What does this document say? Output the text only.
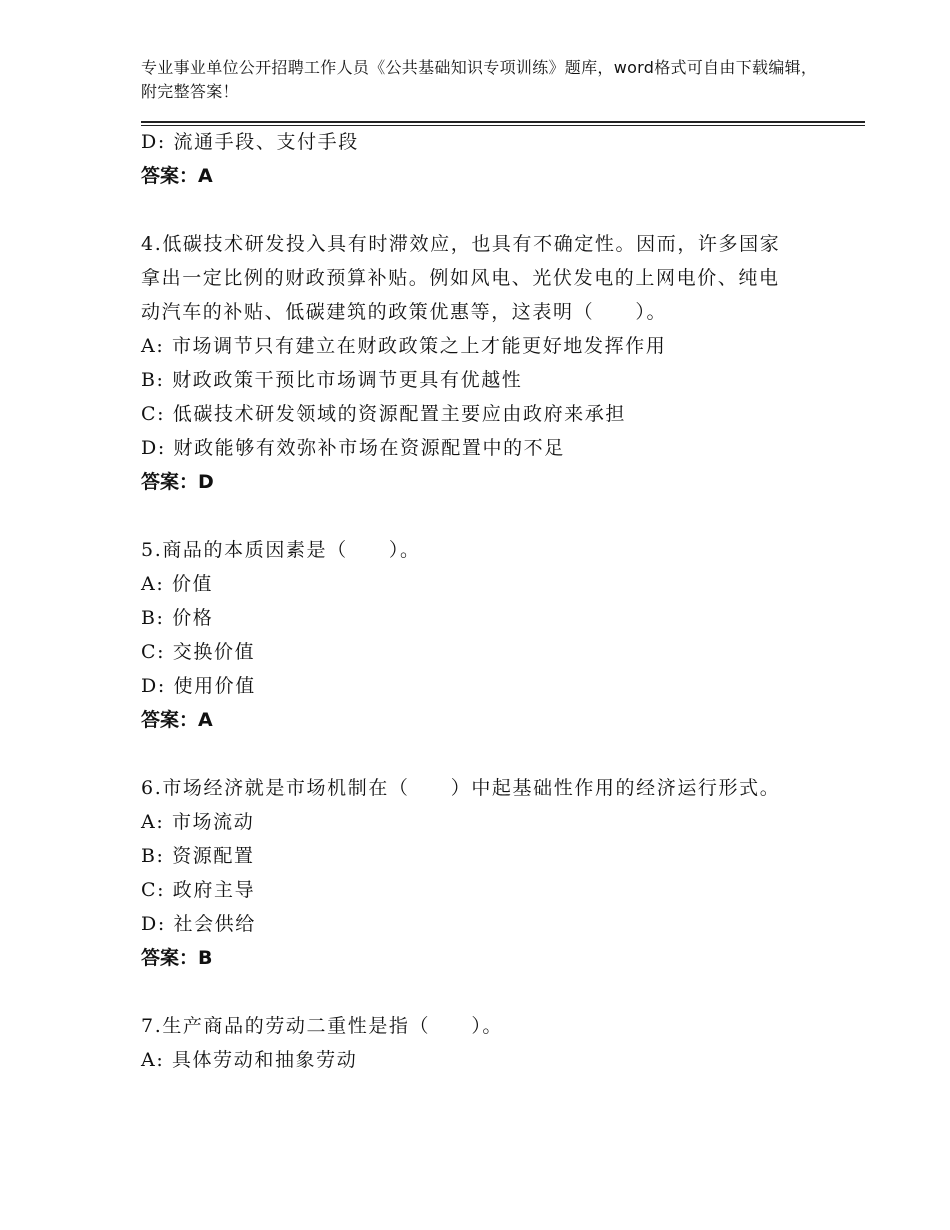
专业事业单位公开招聘工作人员《公共基础知识专项训练》题库，word格式可自由下载编辑，附完整答案！
D: 流通手段、支付手段
答案：A
4.低碳技术研发投入具有时滞效应，也具有不确定性。因而，许多国家拿出一定比例的财政预算补贴。例如风电、光伏发电的上网电价、纯电动汽车的补贴、低碳建筑的政策优惠等，这表明（　　）。
A: 市场调节只有建立在财政政策之上才能更好地发挥作用
B: 财政政策干预比市场调节更具有优越性
C: 低碳技术研发领域的资源配置主要应由政府来承担
D: 财政能够有效弥补市场在资源配置中的不足
答案：D
5.商品的本质因素是（　　）。
A: 价值
B: 价格
C: 交换价值
D: 使用价值
答案：A
6.市场经济就是市场机制在（　　）中起基础性作用的经济运行形式。
A: 市场流动
B: 资源配置
C: 政府主导
D: 社会供给
答案：B
7.生产商品的劳动二重性是指（　　）。
A: 具体劳动和抽象劳动
